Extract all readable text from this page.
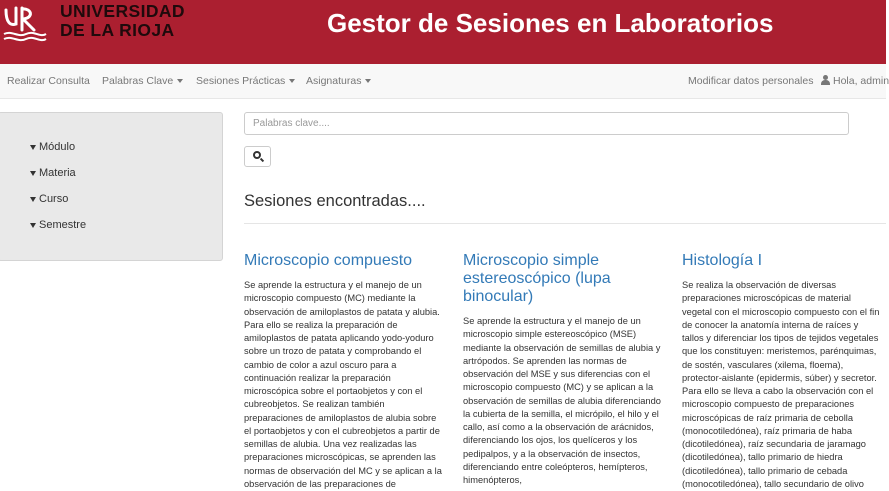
UNIVERSIDAD
DE LA RIOJA	Gestor de Sesiones en Laboratorios
Realizar Consulta Palabras Clave	Sesiones Prácticas	Asignaturas	Modificar datos personales	Hola, admin
Módulo
Materia
Curso
Semestre
Palabras clave....
Sesiones encontradas....
Microscopio compuesto
Se aprende la estructura y el manejo de un microscopio compuesto (MC) mediante la observación de amiloplastos de patata y alubia. Para ello se realiza la preparación de amiloplastos de patata aplicando yodo-yoduro sobre un trozo de patata y comprobando el cambio de color a azul oscuro para a continuación realizar la preparación microscópica sobre el portaobjetos y con el cubreobjetos. Se realizan también preparaciones de amiloplastos de alubia sobre el portaobjetos y con el cubreobjetos a partir de semillas de alubia. Una vez realizadas las preparaciones microscópicas, se aprenden las normas de observación del MC y se aplican a la observación de las preparaciones de
Microscopio simple estereoscópico (lupa binocular)
Se aprende la estructura y el manejo de un microscopio simple estereoscópico (MSE) mediante la observación de semillas de alubia y artrópodos. Se aprenden las normas de observación del MSE y sus diferencias con el microscopio compuesto (MC) y se aplican a la observación de semillas de alubia diferenciando la cubierta de la semilla, el micrópilo, el hilo y el callo, así como a la observación de arácnidos, diferenciando los ojos, los quelíceros y los pedipalpos, y a la observación de insectos, diferenciando entre coleópteros, hemípteros, himenópteros,
Histología I
Se realiza la observación de diversas preparaciones microscópicas de material vegetal con el microscopio compuesto con el fin de conocer la anatomía interna de raíces y tallos y diferenciar los tipos de tejidos vegetales que los constituyen: meristemos, parénquimas, de sostén, vasculares (xilema, floema), protector-aislante (epidermis, súber) y secretor. Para ello se lleva a cabo la observación con el microscopio compuesto de preparaciones microscópicas de raíz primaria de cebolla (monocotiledónea), raíz primaria de haba (dicotiledónea), raíz secundaria de jaramago (dicotiledónea), tallo primario de hiedra (dicotiledónea), tallo primario de cebada (monocotiledónea), tallo secundario de olivo
